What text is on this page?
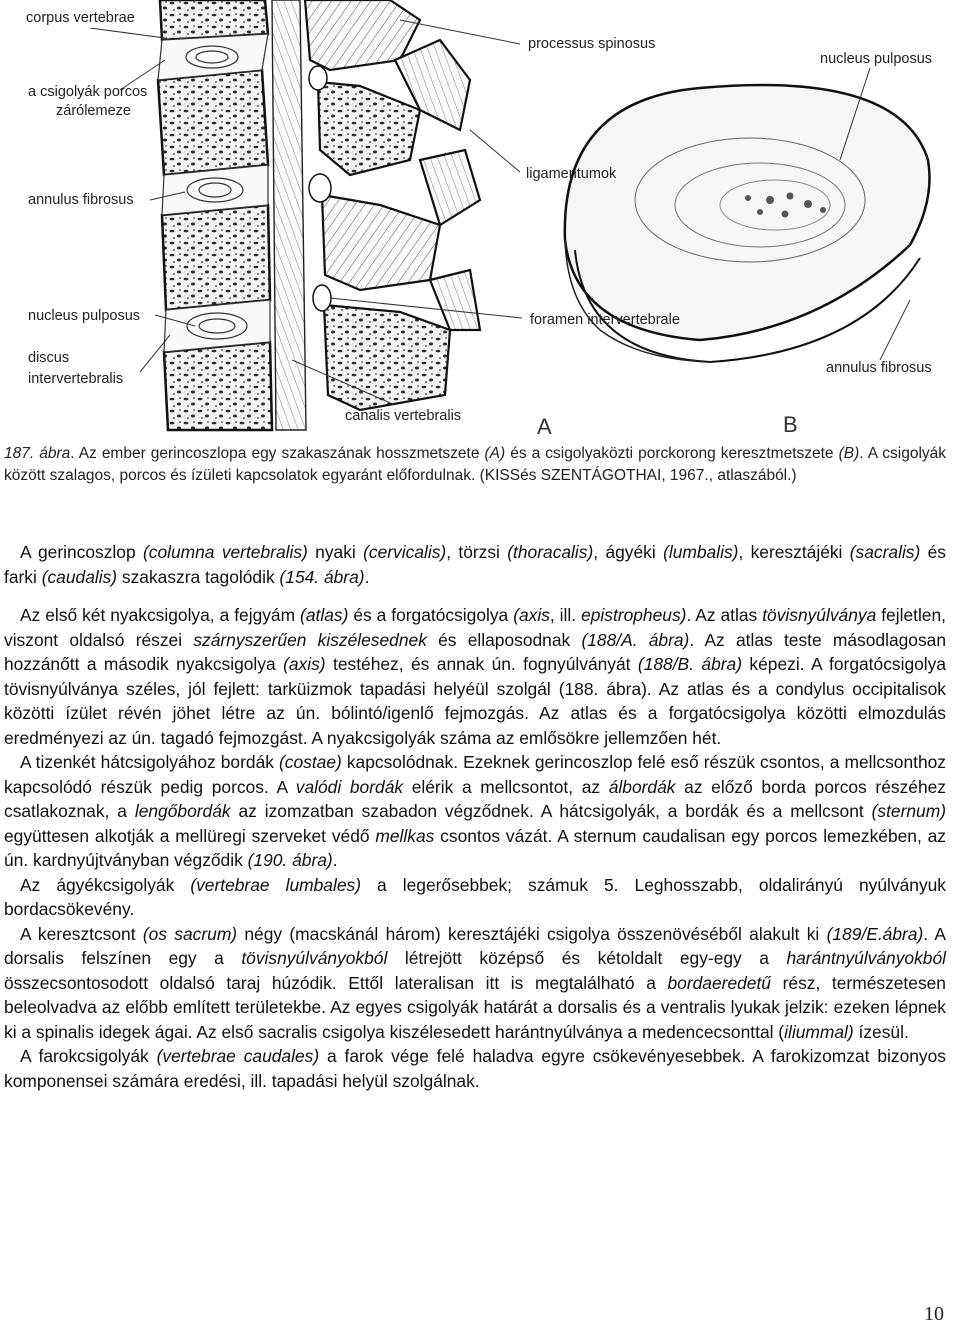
corpus vertebrae
processus spinosus
nucleus pulposus
a csigolyák porcos
zárólemeze
ligamentumok
annulus fibrosus
nucleus pulposus	foramen intervertebrale
discus
intervertebralis
annulus fibrosus
canalis vertebralis	A	B
187. ábra. Az ember gerincoszlopa egy szakaszának hosszmetszete (A) és a csigolyaközti porckorong keresztmetszete (B). A csigolyák között szalagos, porcos és ízületi kapcsolatok egyaránt előfordulnak. (KISSés SZENTÁGOTHAI, 1967., atlaszából.)

A gerincoszlop (columna vertebralis) nyaki (cervicalis), törzsi (thoracalis), ágyéki (lumbalis), keresztájéki (sacralis) és farki (caudalis) szakaszra tagolódik (154. ábra).

Az első két nyakcsigolya, a fejgyám (atlas) és a forgatócsigolya (axis, ill. epistropheus). Az atlas tövisnyúlványa fejletlen, viszont oldalsó részei szárnyszerűen kiszélesednek és ellaposodnak (188/A. ábra). Az atlas teste másodlagosan hozzánőtt a második nyakcsigolya (axis) testéhez, és annak ún. fognyúlványát (188/B. ábra) képezi. A forgatócsigolya tövisnyúlványa széles, jól fejlett: tarküizmok tapadási helyéül szolgál (188. ábra). Az atlas és a condylus occipitalisok közötti ízület révén jöhet létre az ún. bólintó/igenlő fejmozgás. Az atlas és a forgatócsigolya közötti elmozdulás eredményezi az ún. tagadó fejmozgást. A nyakcsigolyák száma az emlősökre jellemzően hét.

A tizenkét hátcsigolyához bordák (costae) kapcsolódnak. Ezeknek gerincoszlop felé eső részük csontos, a mellcsonthoz kapcsolódó részük pedig porcos. A valódi bordák elérik a mellcsontot, az álbordák az előző borda porcos részéhez csatlakoznak, a lengőbordák az izomzatban szabadon végződnek. A hátcsigolyák, a bordák és a mellcsont (sternum) együttesen alkotják a mellüregi szerveket védő mellkas csontos vázát. A sternum caudalisan egy porcos lemezkében, az ún. kardnyújtványban végződik (190. ábra).

Az ágyékcsigolyák (vertebrae lumbales) a legerősebbek; számuk 5. Leghosszabb, oldalirányú nyúlványuk bordacsökevény.

A keresztcsont (os sacrum) négy (macskánál három) keresztájéki csigolya összenövéséből alakult ki (189/E.ábra). A dorsalis felszínen egy a tövisnyúlványokból létrejött középső és kétoldalt egy-egy a harántnyúlványokból összecsontosodott oldalsó taraj húzódik. Ettől lateralisan itt is megtalálható a bordaeredetű rész, természetesen beleolvadva az előbb említett területekbe. Az egyes csigolyák határát a dorsalis és a ventralis lyukak jelzik: ezeken lépnek ki a spinalis idegek ágai. Az első sacralis csigolya kiszélesedett harántnyúlványa a medencecsonttal (iliummal) ízesül.

A farokcsigolyák (vertebrae caudales) a farok vége felé haladva egyre csökevényesebbek. A farokizomzat bizonyos komponensei számára eredési, ill. tapadási helyül szolgálnak.

10
